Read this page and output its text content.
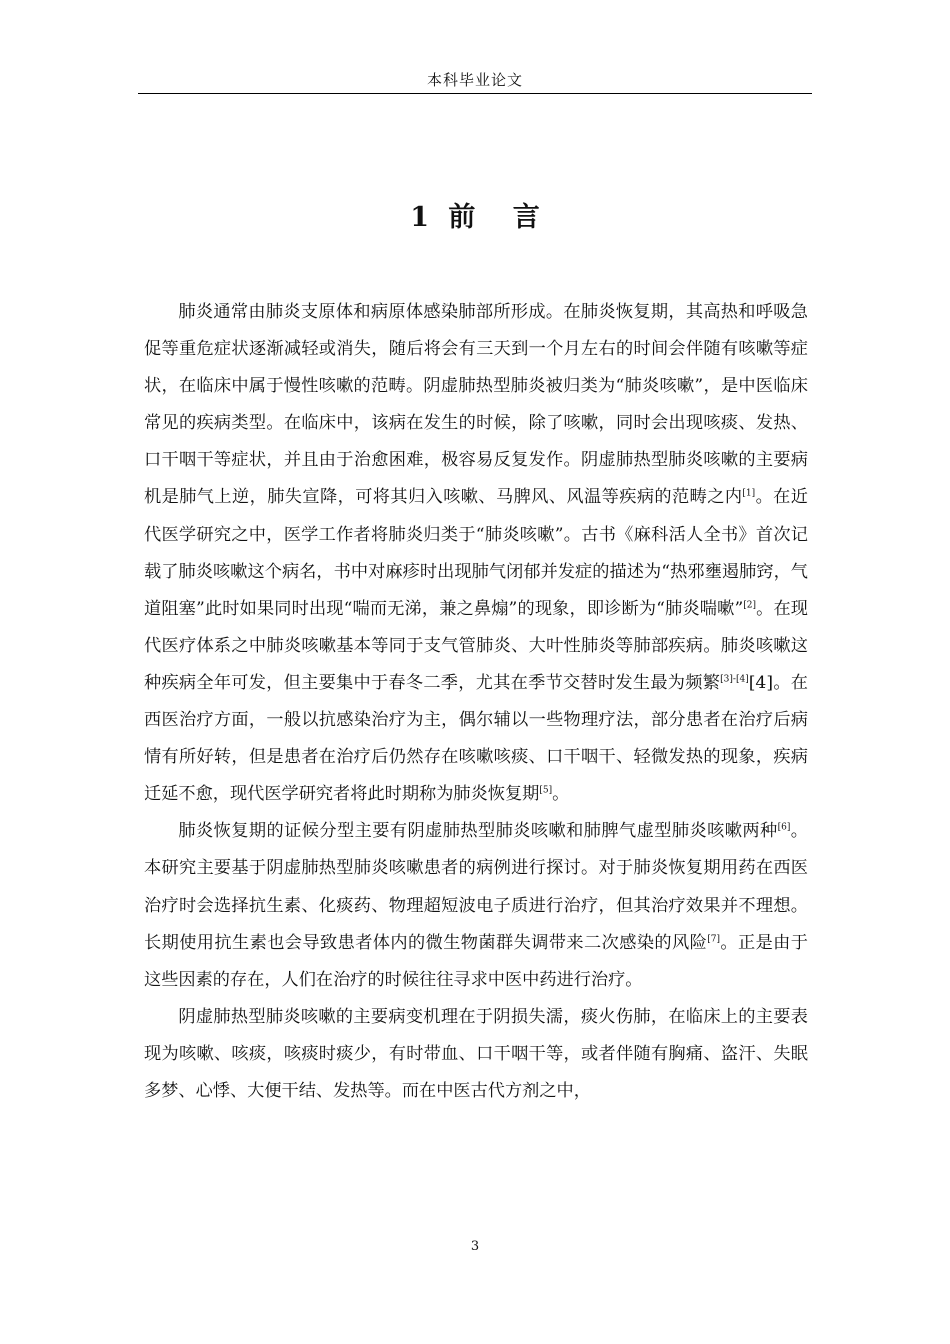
本科毕业论文
1 前 言

肺炎通常由肺炎支原体和病原体感染肺部所形成。在肺炎恢复期，其高热和呼吸急促等重危症状逐渐减轻或消失，随后将会有三天到一个月左右的时间会伴随有咳嗽等症状，在临床中属于慢性咳嗽的范畴。阴虚肺热型肺炎被归类为“肺炎咳嗽”，是中医临床常见的疾病类型。在临床中，该病在发生的时候，除了咳嗽，同时会出现咳痰、发热、口干咽干等症状，并且由于治愈困难，极容易反复发作。阴虚肺热型肺炎咳嗽的主要病机是肺气上逆，肺失宣降，可将其归入咳嗽、马脾风、风温等疾病的范畴之内[1]。在近代医学研究之中，医学工作者将肺炎归类于“肺炎咳嗽”。古书《麻科活人全书》首次记载了肺炎咳嗽这个病名，书中对麻疹时出现肺气闭郁并发症的描述为“热邪壅遏肺窍，气道阻塞”此时如果同时出现“喘而无涕，兼之鼻煽”的现象，即诊断为“肺炎喘嗽”[2]。在现代医疗体系之中肺炎咳嗽基本等同于支气管肺炎、大叶性肺炎等肺部疾病。肺炎咳嗽这种疾病全年可发，但主要集中于春冬二季，尤其在季节交替时发生最为频繁[3]-[4][4]。在西医治疗方面，一般以抗感染治疗为主，偶尔辅以一些物理疗法，部分患者在治疗后病情有所好转，但是患者在治疗后仍然存在咳嗽咳痰、口干咽干、轻微发热的现象，疾病迁延不愈，现代医学研究者将此时期称为肺炎恢复期[5]。

肺炎恢复期的证候分型主要有阴虚肺热型肺炎咳嗽和肺脾气虚型肺炎咳嗽两种[6]。本研究主要基于阴虚肺热型肺炎咳嗽患者的病例进行探讨。对于肺炎恢复期用药在西医治疗时会选择抗生素、化痰药、物理超短波电子质进行治疗，但其治疗效果并不理想。长期使用抗生素也会导致患者体内的微生物菌群失调带来二次感染的风险[7]。正是由于这些因素的存在，人们在治疗的时候往往寻求中医中药进行治疗。

阴虚肺热型肺炎咳嗽的主要病变机理在于阴损失濡，痰火伤肺，在临床上的主要表现为咳嗽、咳痰，咳痰时痰少，有时带血、口干咽干等，或者伴随有胸痛、盗汗、失眠多梦、心悸、大便干结、发热等。而在中医古代方剂之中，

3
